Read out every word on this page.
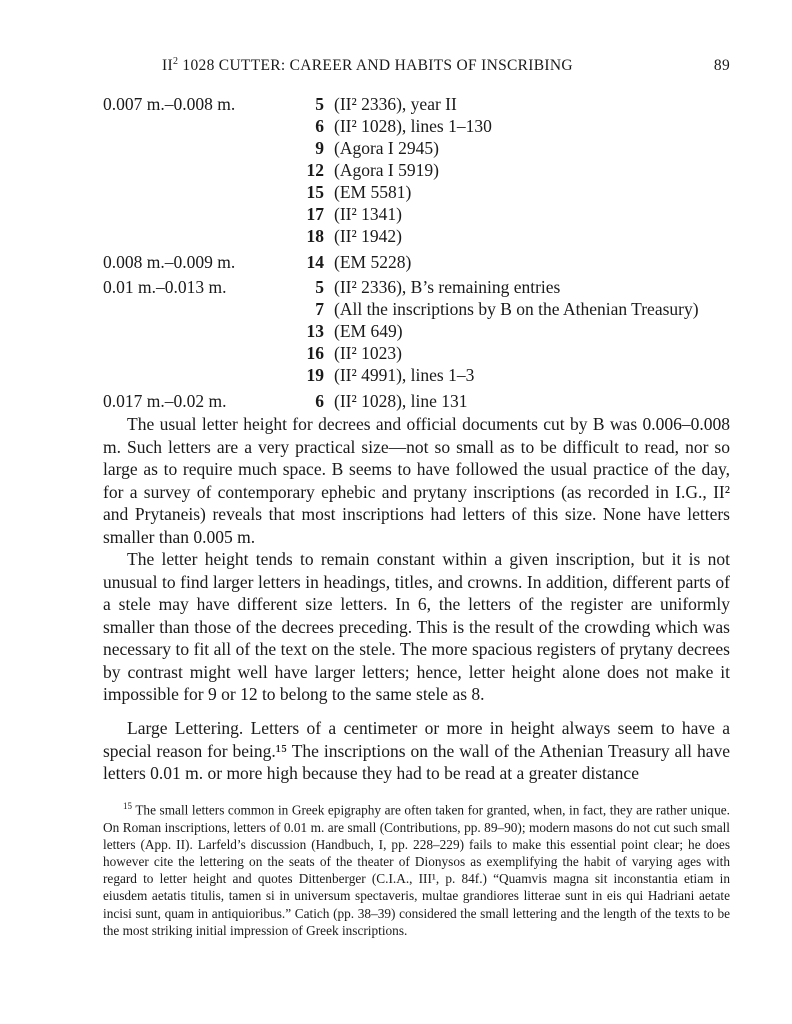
$II^2$ 1028 CUTTER: CAREER AND HABITS OF INSCRIBING	89
0.007 m.–0.008 m.	5 (II² 2336), year II
6 (II² 1028), lines 1–130
9 (Agora I 2945)
12 (Agora I 5919)
15 (EM 5581)
17 (II² 1341)
18 (II² 1942)
0.008 m.–0.009 m.	14 (EM 5228)
0.01 m.–0.013 m.	5 (II² 2336), B’s remaining entries
7 (All the inscriptions by B on the Athenian Treasury)
13 (EM 649)
16 (II² 1023)
19 (II² 4991), lines 1–3
0.017 m.–0.02 m.	6 (II² 1028), line 131

The usual letter height for decrees and official documents cut by B was 0.006–0.008 m. Such letters are a very practical size—not so small as to be difficult to read, nor so large as to require much space. B seems to have followed the usual practice of the day, for a survey of contemporary ephebic and prytany inscriptions (as recorded in I.G., II² and Prytaneis) reveals that most inscriptions had letters of this size. None have letters smaller than 0.005 m.

The letter height tends to remain constant within a given inscription, but it is not unusual to find larger letters in headings, titles, and crowns. In addition, different parts of a stele may have different size letters. In 6, the letters of the register are uniformly smaller than those of the decrees preceding. This is the result of the crowding which was necessary to fit all of the text on the stele. The more spacious registers of prytany decrees by contrast might well have larger letters; hence, letter height alone does not make it impossible for 9 or 12 to belong to the same stele as 8.

Large Lettering. Letters of a centimeter or more in height always seem to have a special reason for being.¹⁵ The inscriptions on the wall of the Athenian Treasury all have letters 0.01 m. or more high because they had to be read at a greater distance

$^{15}$ The small letters common in Greek epigraphy are often taken for granted, when, in fact, they are rather unique. On Roman inscriptions, letters of 0.01 m. are small (Contributions, pp. 89–90); modern masons do not cut such small letters (App. II). Larfeld’s discussion (Handbuch, I, pp. 228–229) fails to make this essential point clear; he does however cite the lettering on the seats of the theater of Dionysos as exemplifying the habit of varying ages with regard to letter height and quotes Dittenberger (C.I.A., III¹, p. 84f.) “Quamvis magna sit inconstantia etiam in eiusdem aetatis titulis, tamen si in universum spectaveris, multae grandiores litterae sunt in eis qui Hadriani aetate incisi sunt, quam in antiquioribus.” Catich (pp. 38–39) considered the small lettering and the length of the texts to be the most striking initial impression of Greek inscriptions.
